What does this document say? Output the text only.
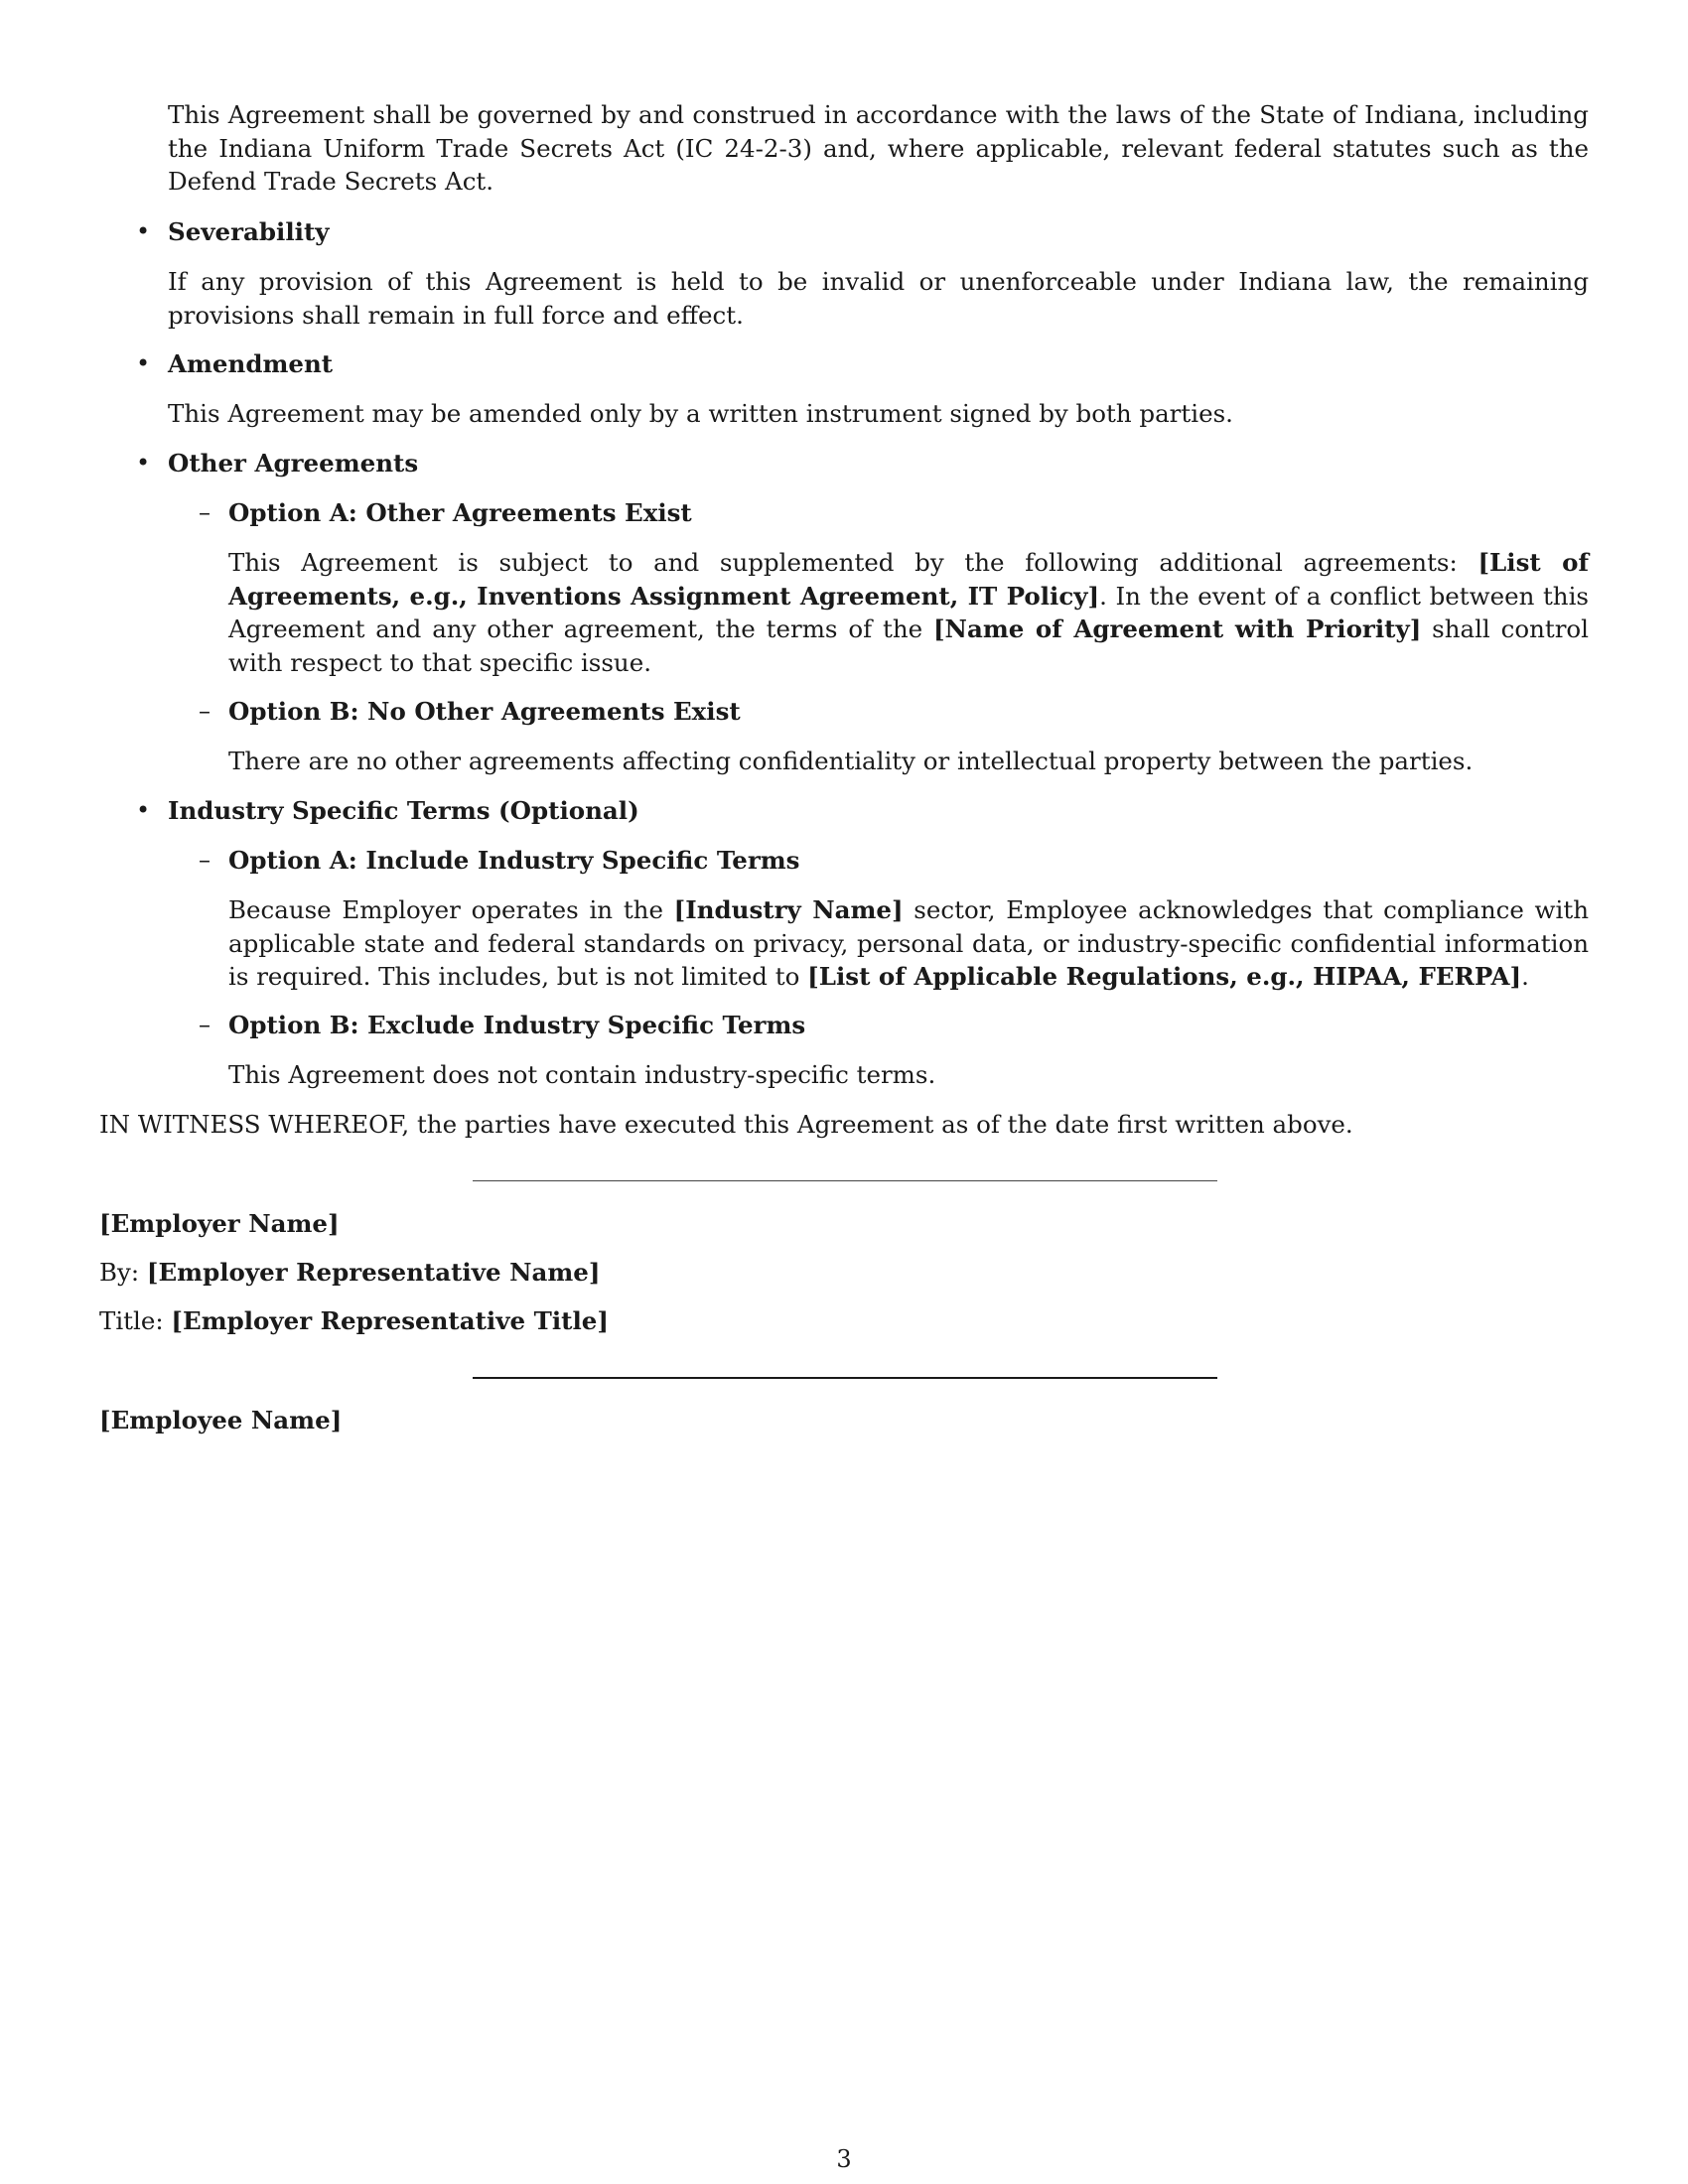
This Agreement shall be governed by and construed in accordance with the laws of the State of Indiana, including the Indiana Uniform Trade Secrets Act (IC 24-2-3) and, where applicable, relevant federal statutes such as the Defend Trade Secrets Act.

• Severability

If any provision of this Agreement is held to be invalid or unenforceable under Indiana law, the remaining provisions shall remain in full force and effect.

• Amendment

This Agreement may be amended only by a written instrument signed by both parties.

• Other Agreements

– Option A: Other Agreements Exist

This Agreement is subject to and supplemented by the following additional agreements: [List of Agreements, e.g., Inventions Assignment Agreement, IT Policy]. In the event of a conflict between this Agreement and any other agreement, the terms of the [Name of Agreement with Priority] shall control with respect to that specific issue.

– Option B: No Other Agreements Exist

There are no other agreements affecting confidentiality or intellectual property between the parties.

• Industry Specific Terms (Optional)

– Option A: Include Industry Specific Terms

Because Employer operates in the [Industry Name] sector, Employee acknowledges that compliance with applicable state and federal standards on privacy, personal data, or industry-specific confidential information is required. This includes, but is not limited to [List of Applicable Regulations, e.g., HIPAA, FERPA].

– Option B: Exclude Industry Specific Terms

This Agreement does not contain industry-specific terms.

IN WITNESS WHEREOF, the parties have executed this Agreement as of the date first written above.

[Employer Name]

By: [Employer Representative Name]

Title: [Employer Representative Title]

[Employee Name]

3
